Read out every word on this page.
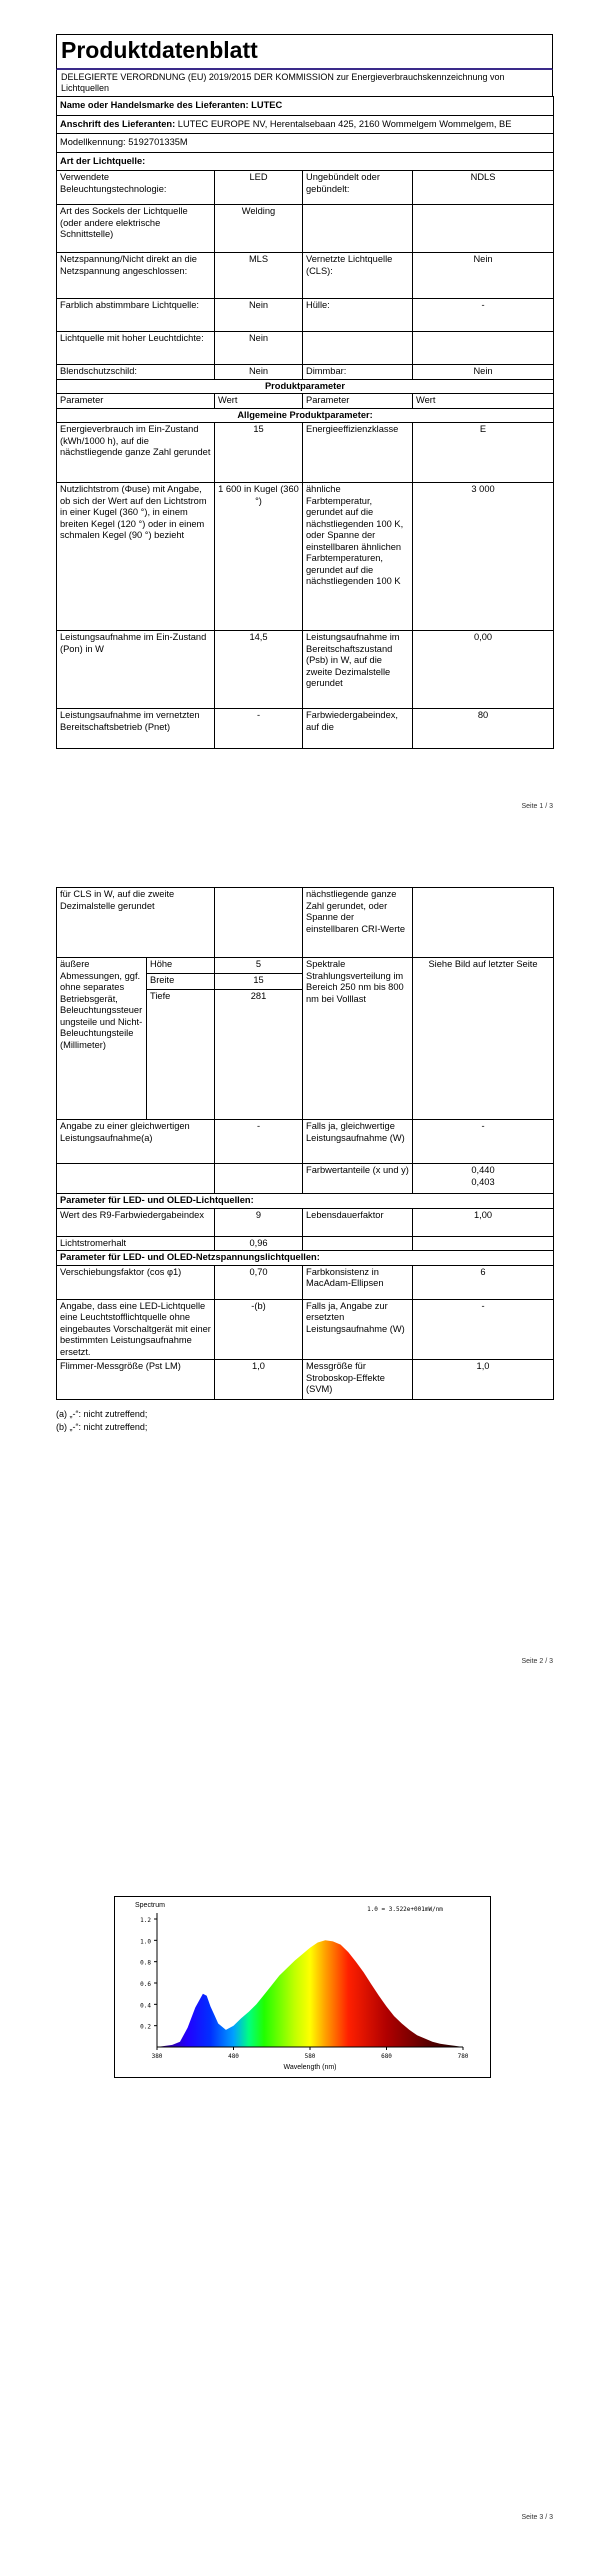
Produktdatenblatt
DELEGIERTE VERORDNUNG (EU) 2019/2015 DER KOMMISSION zur Energieverbrauchskennzeichnung von Lichtquellen
Name oder Handelsmarke des Lieferanten: LUTEC			
Anschrift des Lieferanten: LUTEC EUROPE NV, Herentalsebaan 425, 2160 Wommelgem Wommelgem, BE			
Modellkennung: 5192701335M			
Art der Lichtquelle:			
Verwendete Beleuchtungstechnologie:	LED	Ungebündelt oder gebündelt:	NDLS
Art des Sockels der Lichtquelle (oder andere elektrische Schnittstelle)	Welding		
Netzspannung/Nicht direkt an die Netzspannung angeschlossen:	MLS	Vernetzte Lichtquelle (CLS):	Nein
Farblich abstimmbare Lichtquelle:	Nein	Hülle:	-
Lichtquelle mit hoher Leuchtdichte:	Nein		
Blendschutzschild:	Nein	Dimmbar:	Nein
Produktparameter			
Parameter	Wert	Parameter	Wert
Allgemeine Produktparameter:			
Energieverbrauch im Ein-Zustand (kWh/1000 h), auf die nächstliegende ganze Zahl gerundet	15	Energieeffizienzklasse	E
Nutzlichtstrom (Φuse) mit Angabe, ob sich der Wert auf den Lichtstrom in einer Kugel (360 °), in einem breiten Kegel (120 °) oder in einem schmalen Kegel (90 °) bezieht	1 600 in Kugel (360 °)	ähnliche Farbtemperatur, gerundet auf die nächstliegenden 100 K, oder Spanne der einstellbaren ähnlichen Farbtemperaturen, gerundet auf die nächstliegenden 100 K	3 000
Leistungsaufnahme im Ein-Zustand (Pon) in W	14,5	Leistungsaufnahme im Bereitschaftszustand (Psb) in W, auf die zweite Dezimalstelle gerundet	0,00
Leistungsaufnahme im vernetzten Bereitschaftsbetrieb (Pnet)	-	Farbwiedergabeindex, auf die	80
Seite 1 / 3
für CLS in W, auf die zweite Dezimalstelle gerundet			nächstliegende ganze Zahl gerundet, oder Spanne der einstellbaren CRI-Werte	
äußere Abmessungen, ggf. ohne separates Betriebsgerät, Beleuchtungssteuerungsteile und Nicht-Beleuchtungsteile (Millimeter)	Höhe	5	Spektrale Strahlungsverteilung im Bereich 250 nm bis 800 nm bei Volllast	Siehe Bild auf letzter Seite
	Breite	15		
	Tiefe	281		
Angabe zu einer gleichwertigen Leistungsaufnahme(a)		-	Falls ja, gleichwertige Leistungsaufnahme (W)	-
			Farbwertanteile (x und y)	0,440
0,403

Parameter für LED- und OLED-Lichtquellen:				
Wert des R9-Farbwiedergabeindex		9	Lebensdauerfaktor	1,00
Lichtstromerhalt		0,96		
Parameter für LED- und OLED-Netzspannungslichtquellen:				
Verschiebungsfaktor (cos φ1)		0,70	Farbkonsistenz in MacAdam-Ellipsen	6
Angabe, dass eine LED-Lichtquelle eine Leuchtstofflichtquelle ohne eingebautes Vorschaltgerät mit einer bestimmten Leistungsaufnahme ersetzt.		-(b)	Falls ja, Angabe zur ersetzten Leistungsaufnahme (W)	-
Flimmer-Messgröße (Pst LM)		1,0	Messgröße für Stroboskop-Effekte (SVM)	1,0
(a) „-“: nicht zutreffend;
(b) „-“: nicht zutreffend;
Seite 2 / 3
0.2
0.4
0.6
0.8
1.0
1.2
380	480	580	680	780
Spectrum
1.0 = 3.522e+001mW/nm
Wavelength (nm)
Seite 3 / 3
